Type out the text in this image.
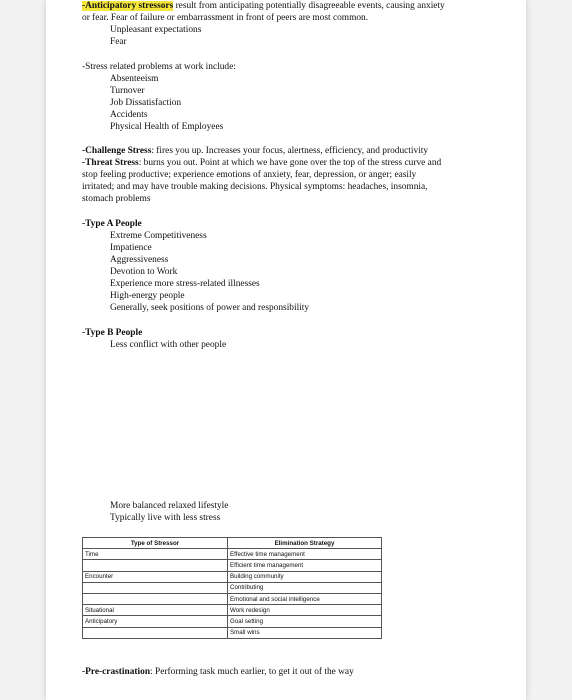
-Anticipatory stressors result from anticipating potentially disagreeable events, causing anxiety
or fear. Fear of failure or embarrassment in front of peers are most common.
Unpleasant expectations
Fear
-Stress related problems at work include:
Absenteeism
Turnover
Job Dissatisfaction
Accidents
Physical Health of Employees
-Challenge Stress: fires you up. Increases your focus, alertness, efficiency, and productivity
-Threat Stress: burns you out. Point at which we have gone over the top of the stress curve and
stop feeling productive; experience emotions of anxiety, fear, depression, or anger; easily
irritated; and may have trouble making decisions. Physical symptoms: headaches, insomnia,
stomach problems
-Type A People
Extreme Competitiveness
Impatience
Aggressiveness
Devotion to Work
Experience more stress-related illnesses
High-energy people
Generally, seek positions of power and responsibility
-Type B People
Less conflict with other people
More balanced relaxed lifestyle
Typically live with less stress
Type of Stressor	Elimination Strategy
Time	Effective time management
	Efficient time management
Encounter	Building community
	Contributing
	Emotional and social intelligence
Situational	Work redesign
Anticipatory	Goal setting
	Small wins
-Pre-crastination: Performing task much earlier, to get it out of the way
